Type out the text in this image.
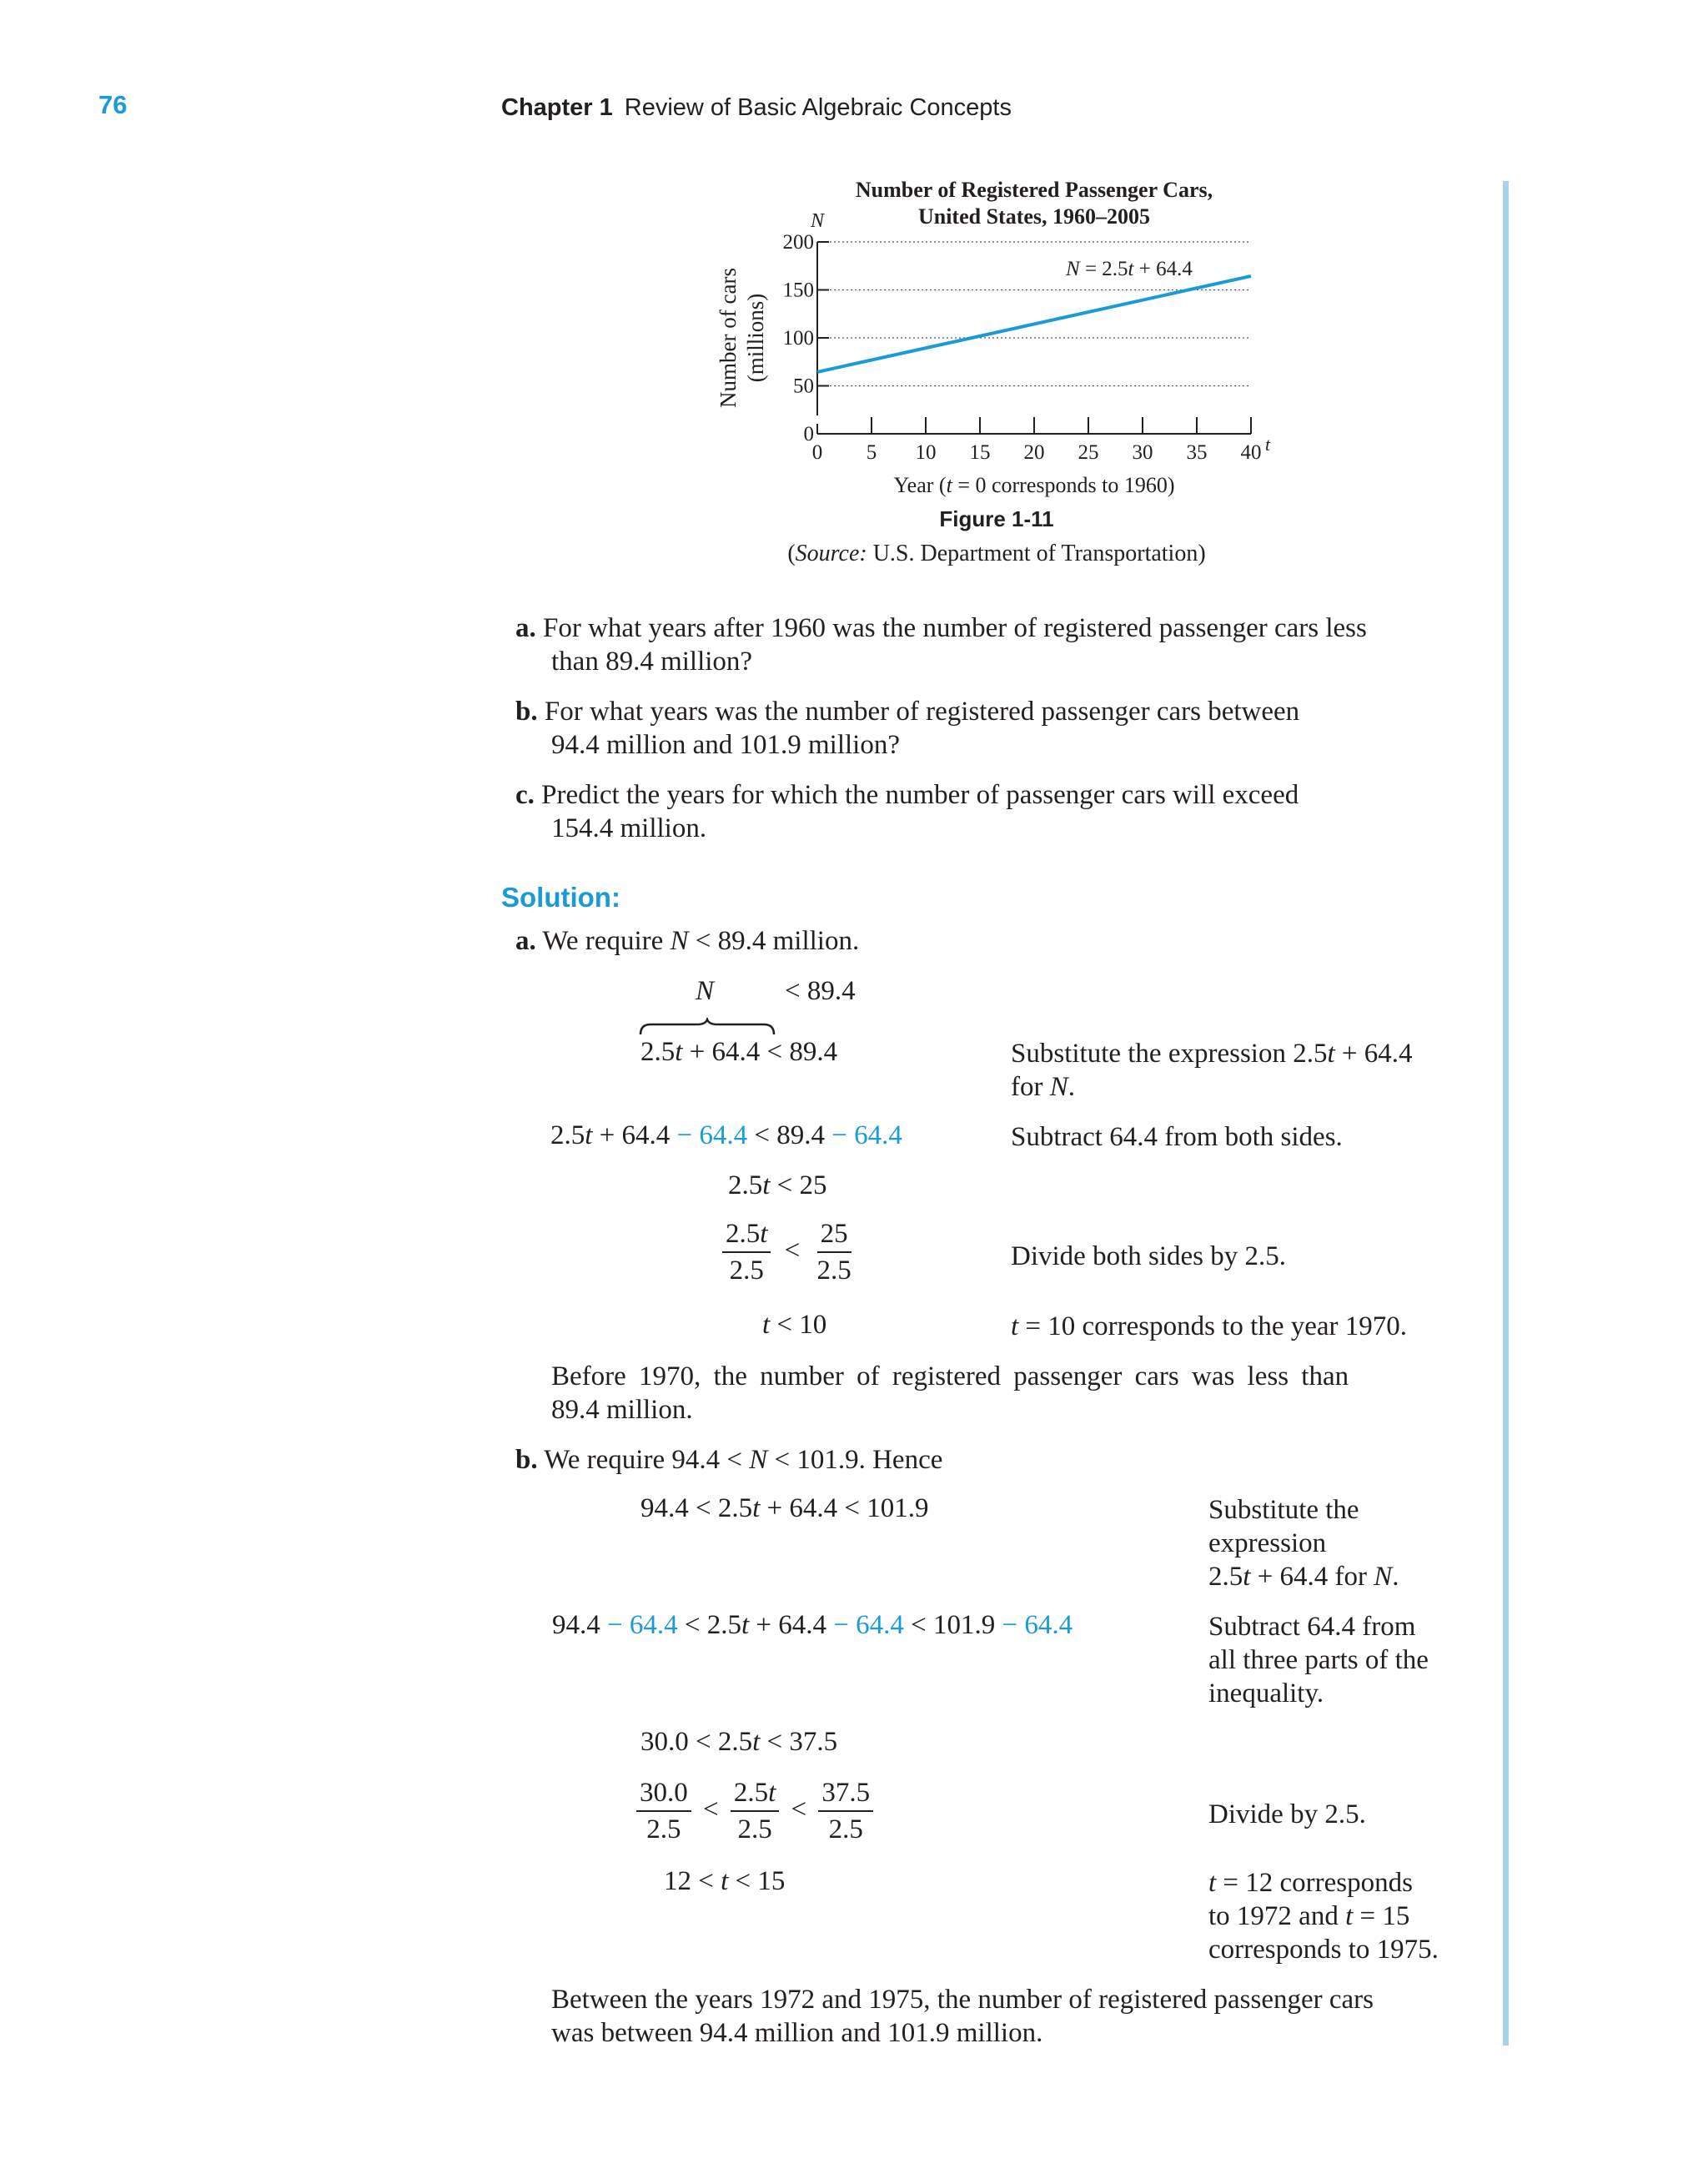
76	Chapter 1 Review of Basic Algebraic Concepts
0
50
100
150
200
0 5 10 15 20 25 30 35 40
N = 2.5t + 64.4
Number of Registered Passenger Cars,
United States, 1960–2005
N
t
Year (t = 0 corresponds to 1960)
Number of cars (millions)
Figure 1-11
(Source: U.S. Department of Transportation)
a. For what years after 1960 was the number of registered passenger cars less
than 89.4 million?
b. For what years was the number of registered passenger cars between
94.4 million and 101.9 million?
c. Predict the years for which the number of passenger cars will exceed
154.4 million.
Solution:
a. We require N < 89.4 million.
N	< 89.4
2.5t + 64.4 < 89.4	Substitute the expression 2.5t + 64.4
for N.
2.5t + 64.4 − 64.4 < 89.4 − 64.4	Subtract 64.4 from both sides.
2.5t < 25
$\frac{2.5t}{2.5} < \frac{25}{2.5}$	Divide both sides by 2.5.
t < 10	t = 10 corresponds to the year 1970.
Before 1970, the number of registered passenger cars was less than
89.4 million.
b. We require 94.4 < N < 101.9. Hence
94.4 < 2.5t + 64.4 < 101.9	Substitute the
expression
2.5t + 64.4 for N.
94.4 − 64.4 < 2.5t + 64.4 − 64.4 < 101.9 − 64.4	Subtract 64.4 from
all three parts of the
inequality.
30.0 < 2.5t < 37.5
$\frac{30.0}{2.5} < \frac{2.5t}{2.5} < \frac{37.5}{2.5}$	Divide by 2.5.
12 < t < 15	t = 12 corresponds
to 1972 and t = 15
corresponds to 1975.
Between the years 1972 and 1975, the number of registered passenger cars
was between 94.4 million and 101.9 million.
